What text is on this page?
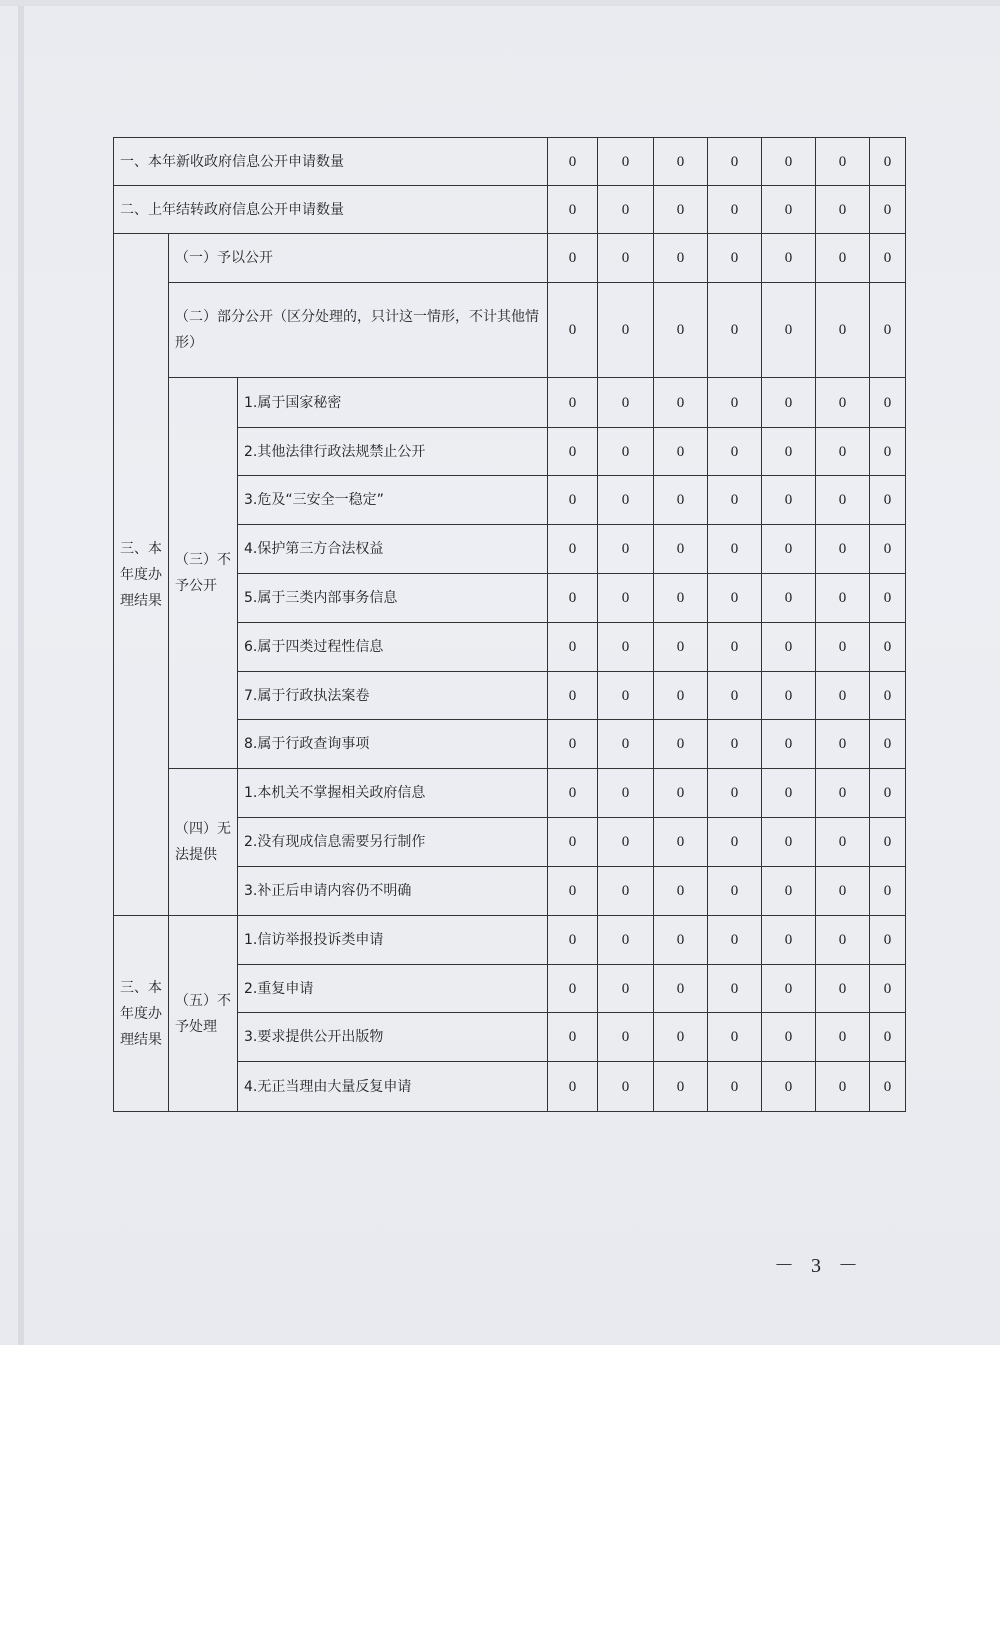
一、本年新收政府信息公开申请数量			0	0	0	0	0	0	0
二、上年结转政府信息公开申请数量			0	0	0	0	0	0	0
三、本年度办理结果	（一）予以公开		0	0	0	0	0	0	0
	（二）部分公开（区分处理的，只计这一情形，不计其他情形）		0	0	0	0	0	0	0
	（三）不予公开	1.属于国家秘密	0	0	0	0	0	0	0
		2.其他法律行政法规禁止公开	0	0	0	0	0	0	0
		3.危及“三安全一稳定”	0	0	0	0	0	0	0
		4.保护第三方合法权益	0	0	0	0	0	0	0
		5.属于三类内部事务信息	0	0	0	0	0	0	0
		6.属于四类过程性信息	0	0	0	0	0	0	0
		7.属于行政执法案卷	0	0	0	0	0	0	0
		8.属于行政查询事项	0	0	0	0	0	0	0
	（四）无法提供	1.本机关不掌握相关政府信息	0	0	0	0	0	0	0
		2.没有现成信息需要另行制作	0	0	0	0	0	0	0
		3.补正后申请内容仍不明确	0	0	0	0	0	0	0
三、本年度办理结果	（五）不予处理	1.信访举报投诉类申请	0	0	0	0	0	0	0
		2.重复申请	0	0	0	0	0	0	0
		3.要求提供公开出版物	0	0	0	0	0	0	0
		4.无正当理由大量反复申请	0	0	0	0	0	0	0
－ 3 －
